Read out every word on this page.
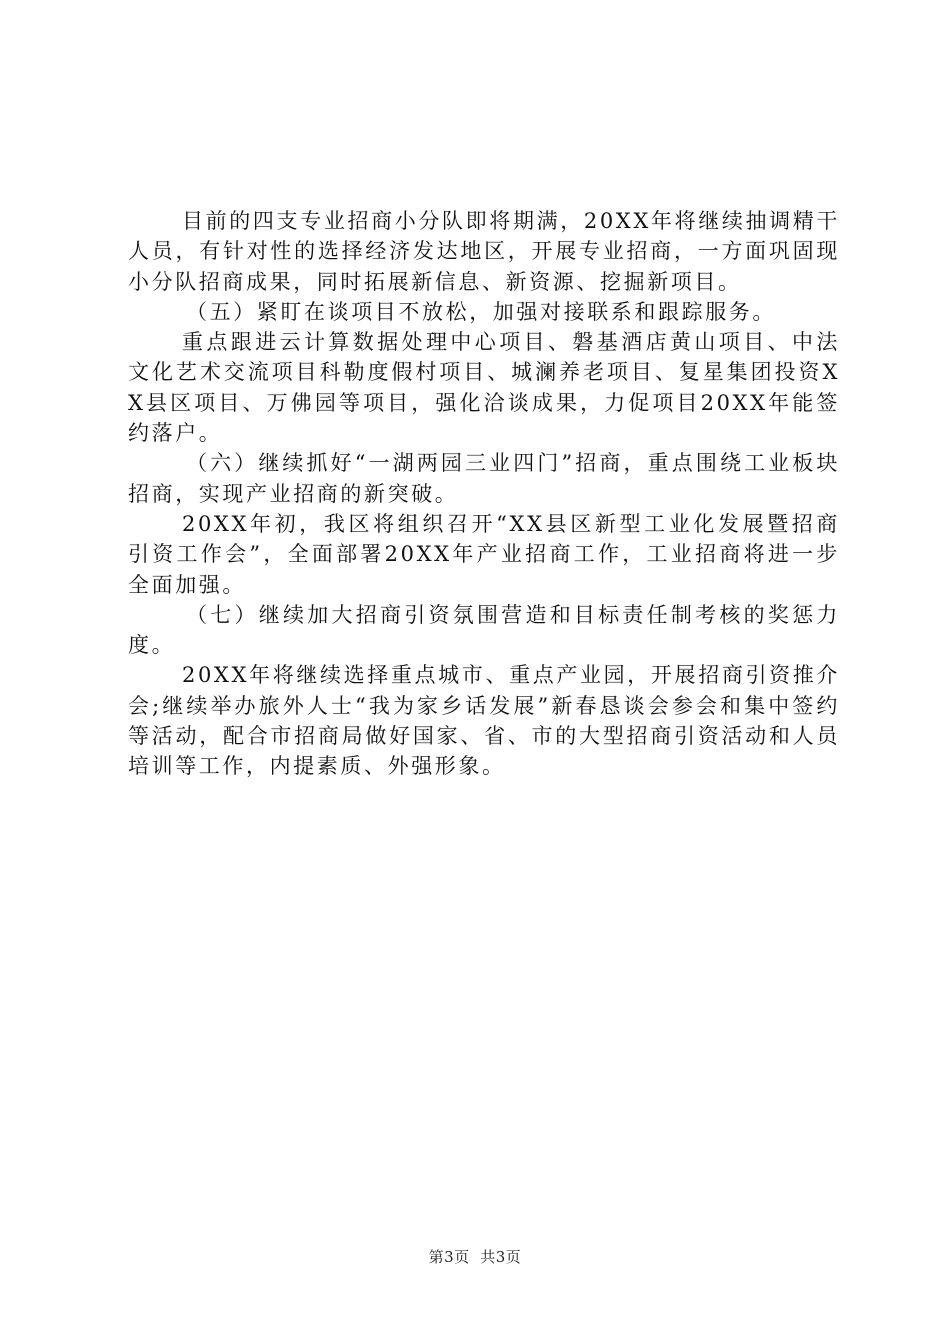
目前的四支专业招商小分队即将期满，20XX年将继续抽调精干人员，有针对性的选择经济发达地区，开展专业招商，一方面巩固现小分队招商成果，同时拓展新信息、新资源、挖掘新项目。

（五）紧盯在谈项目不放松，加强对接联系和跟踪服务。

重点跟进云计算数据处理中心项目、磐基酒店黄山项目、中法文化艺术交流项目科勒度假村项目、城澜养老项目、复星集团投资XX县区项目、万佛园等项目，强化洽谈成果，力促项目20XX年能签约落户。

（六）继续抓好“一湖两园三业四门”招商，重点围绕工业板块招商，实现产业招商的新突破。

20XX年初，我区将组织召开“XX县区新型工业化发展暨招商引资工作会”，全面部署20XX年产业招商工作，工业招商将进一步全面加强。

（七）继续加大招商引资氛围营造和目标责任制考核的奖惩力度。

20XX年将继续选择重点城市、重点产业园，开展招商引资推介会;继续举办旅外人士“我为家乡话发展”新春恳谈会参会和集中签约等活动，配合市招商局做好国家、省、市的大型招商引资活动和人员培训等工作，内提素质、外强形象。

第3页 共3页
